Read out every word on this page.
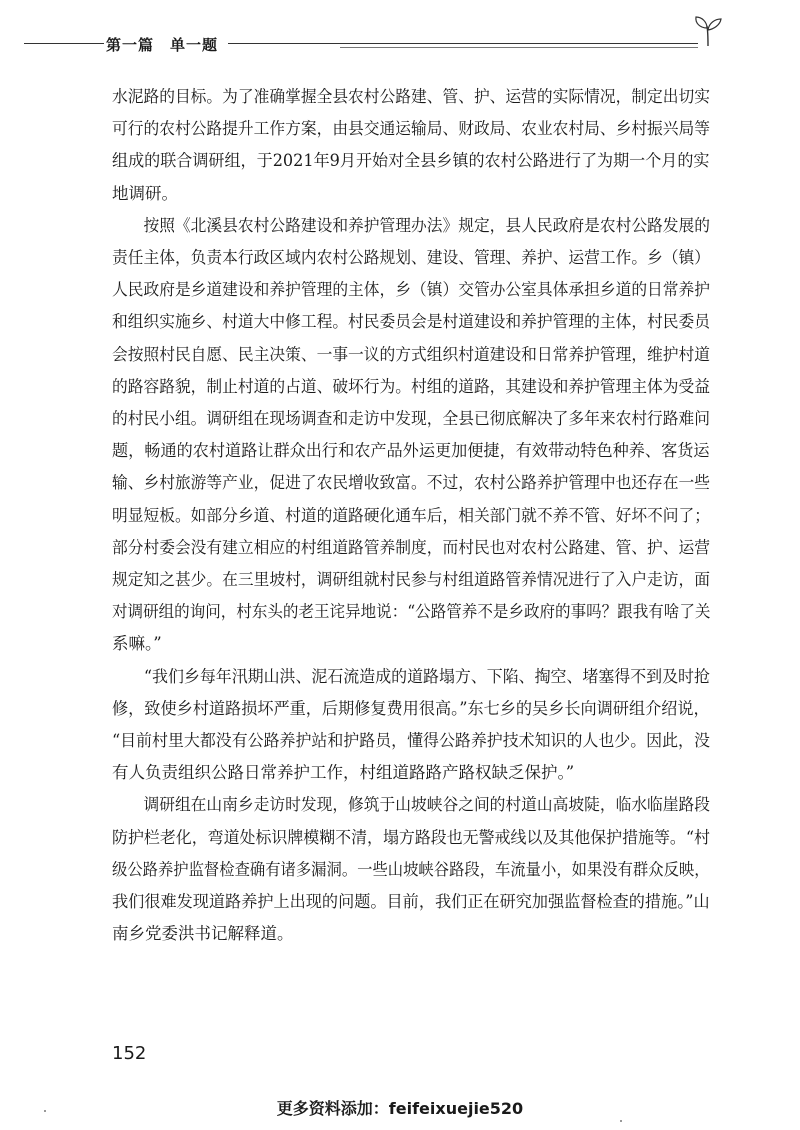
第一篇　单一题
水泥路的目标。为了准确掌握全县农村公路建、管、护、运营的实际情况，制定出切实
可行的农村公路提升工作方案，由县交通运输局、财政局、农业农村局、乡村振兴局等
组成的联合调研组，于2021年9月开始对全县乡镇的农村公路进行了为期一个月的实
地调研。
　　按照《北溪县农村公路建设和养护管理办法》规定，县人民政府是农村公路发展的
责任主体，负责本行政区域内农村公路规划、建设、管理、养护、运营工作。乡（镇）
人民政府是乡道建设和养护管理的主体，乡（镇）交管办公室具体承担乡道的日常养护
和组织实施乡、村道大中修工程。村民委员会是村道建设和养护管理的主体，村民委员
会按照村民自愿、民主决策、一事一议的方式组织村道建设和日常养护管理，维护村道
的路容路貌，制止村道的占道、破坏行为。村组的道路，其建设和养护管理主体为受益
的村民小组。调研组在现场调查和走访中发现，全县已彻底解决了多年来农村行路难问
题，畅通的农村道路让群众出行和农产品外运更加便捷，有效带动特色种养、客货运
输、乡村旅游等产业，促进了农民增收致富。不过，农村公路养护管理中也还存在一些
明显短板。如部分乡道、村道的道路硬化通车后，相关部门就不养不管、好坏不问了；
部分村委会没有建立相应的村组道路管养制度，而村民也对农村公路建、管、护、运营
规定知之甚少。在三里坡村，调研组就村民参与村组道路管养情况进行了入户走访，面
对调研组的询问，村东头的老王诧异地说：“公路管养不是乡政府的事吗？跟我有啥了关
系嘛。”
　　“我们乡每年汛期山洪、泥石流造成的道路塌方、下陷、掏空、堵塞得不到及时抢
修，致使乡村道路损坏严重，后期修复费用很高。”东七乡的吴乡长向调研组介绍说，
“目前村里大都没有公路养护站和护路员，懂得公路养护技术知识的人也少。因此，没
有人负责组织公路日常养护工作，村组道路路产路权缺乏保护。”
　　调研组在山南乡走访时发现，修筑于山坡峡谷之间的村道山高坡陡，临水临崖路段
防护栏老化，弯道处标识牌模糊不清，塌方路段也无警戒线以及其他保护措施等。“村
级公路养护监督检查确有诸多漏洞。一些山坡峡谷路段，车流量小，如果没有群众反映，
我们很难发现道路养护上出现的问题。目前，我们正在研究加强监督检查的措施。”山
南乡党委洪书记解释道。
152
更多资料添加：feifeixuejie520
